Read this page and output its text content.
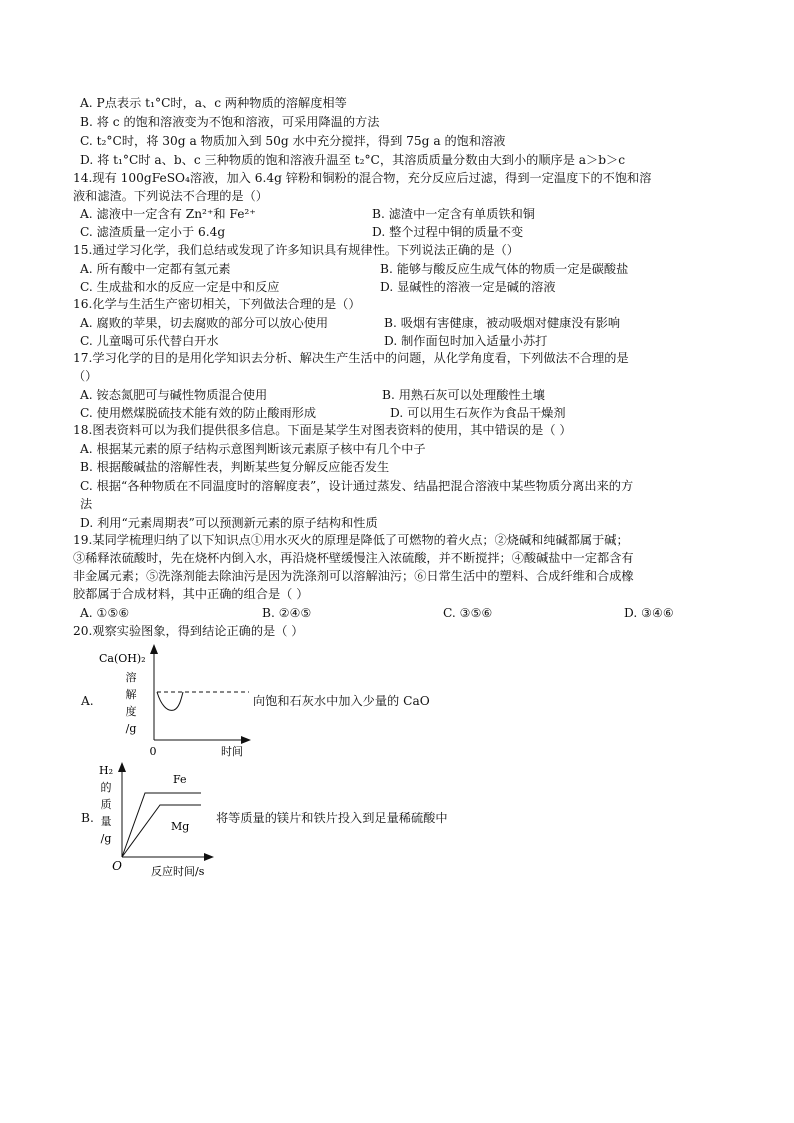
A. P点表示 t₁°C时，a、c 两种物质的溶解度相等
B. 将 c 的饱和溶液变为不饱和溶液，可采用降温的方法
C. t₂°C时，将 30g a 物质加入到 50g 水中充分搅拌，得到 75g a 的饱和溶液
D. 将 t₁°C时 a、b、c 三种物质的饱和溶液升温至 t₂°C，其溶质质量分数由大到小的顺序是 a＞b＞c
14.现有 100gFeSO₄溶液，加入 6.4g 锌粉和铜粉的混合物，充分反应后过滤，得到一定温度下的不饱和溶
液和滤渣。下列说法不合理的是（）
A. 滤液中一定含有 Zn²⁺和 Fe²⁺	B. 滤渣中一定含有单质铁和铜
C. 滤渣质量一定小于 6.4g	D. 整个过程中铜的质量不变
15.通过学习化学，我们总结或发现了许多知识具有规律性。下列说法正确的是（）
A. 所有酸中一定都有氢元素	B. 能够与酸反应生成气体的物质一定是碳酸盐
C. 生成盐和水的反应一定是中和反应	D. 显碱性的溶液一定是碱的溶液
16.化学与生活生产密切相关，下列做法合理的是（）
A. 腐败的苹果，切去腐败的部分可以放心使用	B. 吸烟有害健康，被动吸烟对健康没有影响
C. 儿童喝可乐代替白开水	D. 制作面包时加入适量小苏打
17.学习化学的目的是用化学知识去分析、解决生产生活中的问题，从化学角度看，下列做法不合理的是
（）
A. 铵态氮肥可与碱性物质混合使用	B. 用熟石灰可以处理酸性土壤
C. 使用燃煤脱硫技术能有效的防止酸雨形成	D. 可以用生石灰作为食品干燥剂
18.图表资料可以为我们提供很多信息。下面是某学生对图表资料的使用，其中错误的是（ ）
A. 根据某元素的原子结构示意图判断该元素原子核中有几个中子
B. 根据酸碱盐的溶解性表，判断某些复分解反应能否发生
C. 根据“各种物质在不同温度时的溶解度表”，设计通过蒸发、结晶把混合溶液中某些物质分离出来的方
法
D. 利用“元素周期表”可以预测新元素的原子结构和性质
19.某同学梳理归纳了以下知识点①用水灭火的原理是降低了可燃物的着火点；②烧碱和纯碱都属于碱；
③稀释浓硫酸时，先在烧杯内倒入水，再沿烧杯壁缓慢注入浓硫酸，并不断搅拌；④酸碱盐中一定都含有
非金属元素；⑤洗涤剂能去除油污是因为洗涤剂可以溶解油污；⑥日常生活中的塑料、合成纤维和合成橡
胶都属于合成材料，其中正确的组合是（ ）
A. ①⑤⑥	B. ②④⑤	C. ③⑤⑥	D. ③④⑥
20.观察实验图象，得到结论正确的是（ ）
A.
Ca(OH)₂
溶
解
度
/g
0	时间
向饱和石灰水中加入少量的 CaO
B.
H₂
的
质
量
/g
Fe
Mg
O	反应时间/s
将等质量的镁片和铁片投入到足量稀硫酸中
